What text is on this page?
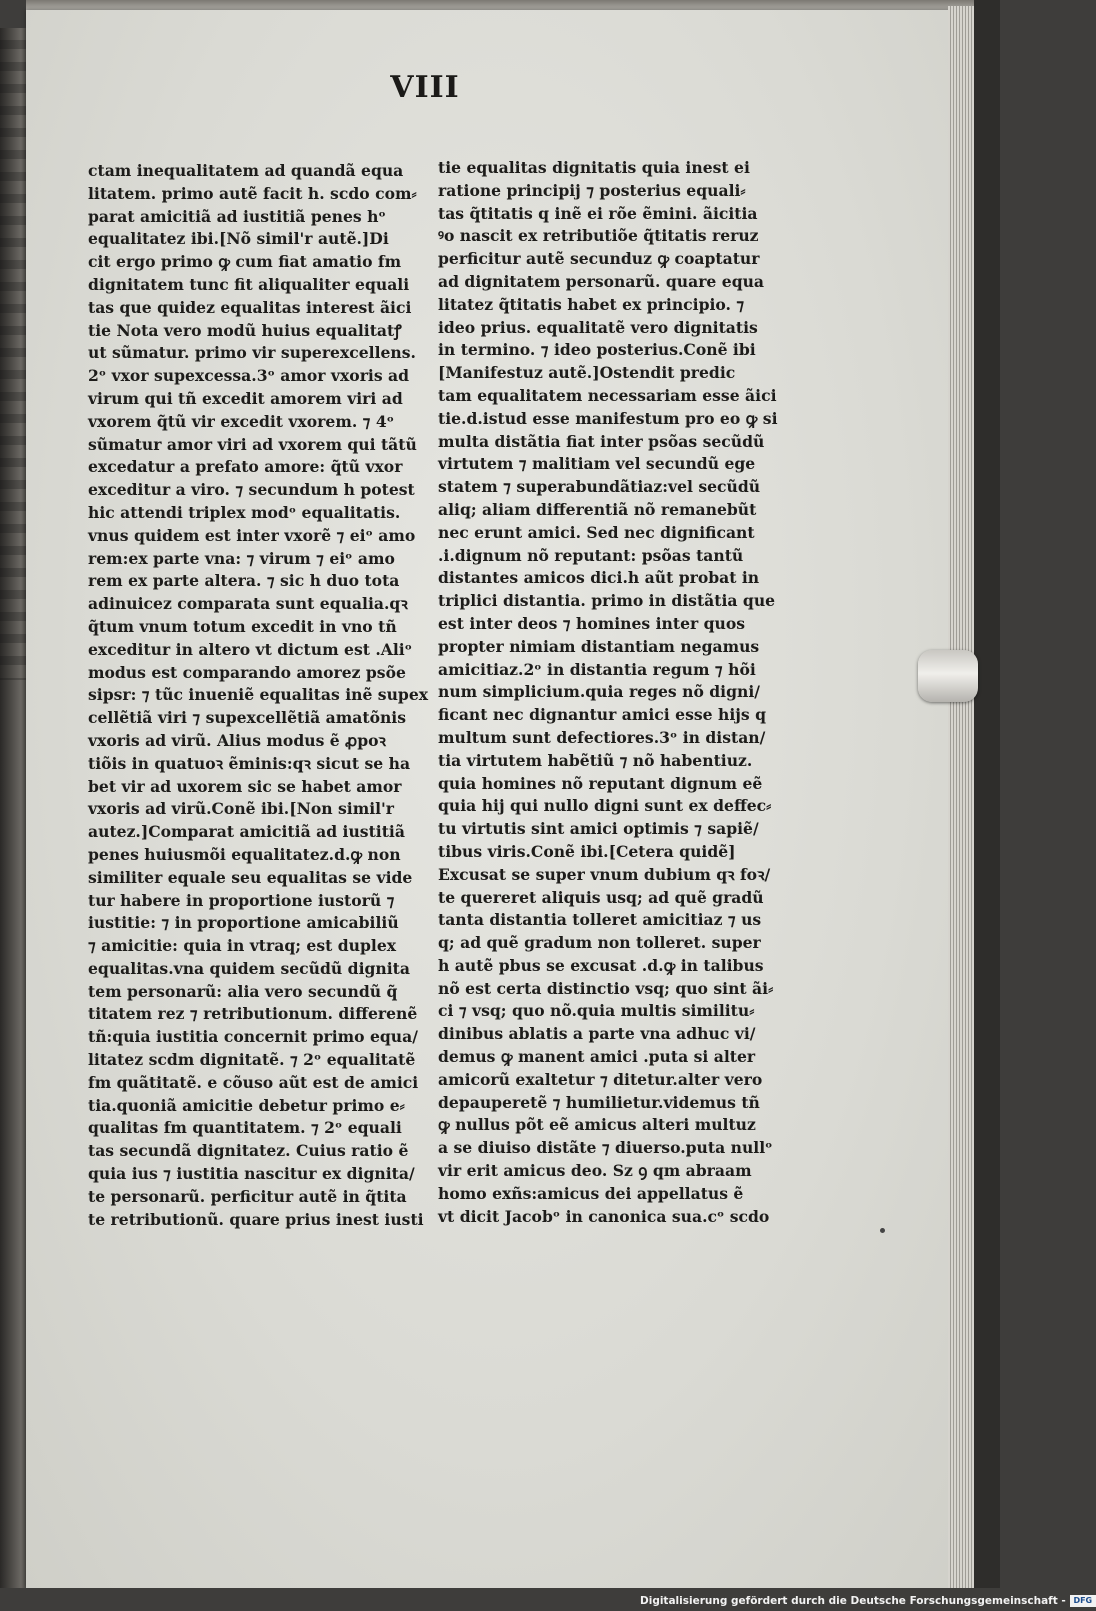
VIII
ctam inequalitatem ad quandã equa
litatem. primo autẽ facit h. scdo com⸗
parat amicitiã ad iustitiã penes hᵒ
equalitatez ibi.[Nõ simil'r autẽ.]Di
cit ergo primo ꝙ cum fiat amatio fm
dignitatem tunc fit aliqualiter equali
tas que quidez equalitas interest ãici
tie Nota vero modũ huius equalitatꝭ
ut sũmatur. primo vir superexcellens.
2ᵒ vxor supexcessa.3ᵒ amor vxoris ad
virum qui tñ excedit amorem viri ad
vxorem q̃tũ vir excedit vxorem. ⁊ 4ᵒ
sũmatur amor viri ad vxorem qui tãtũ
excedatur a prefato amore: q̃tũ vxor
exceditur a viro. ⁊ secundum h potest
hic attendi triplex modᵒ equalitatis.
vnus quidem est inter vxorẽ ⁊ eiᵒ amo
rem:ex parte vna: ⁊ virum ⁊ eiᵒ amo
rem ex parte altera. ⁊ sic h duo tota
adinuicez comparata sunt equalia.qꝛ
q̃tum vnum totum excedit in vno tñ
exceditur in altero vt dictum est .Aliᵒ
modus est comparando amorez psõe
sipsr: ⁊ tũc inueniẽ equalitas inẽ supex
cellẽtiã viri ⁊ supexcellẽtiã amatõnis
vxoris ad virũ. Alius modus ẽ ꝓpoꝛ
tiõis in quatuoꝛ ẽminis:qꝛ sicut se ha
bet vir ad uxorem sic se habet amor
vxoris ad virũ.Conẽ ibi.[Non simil'r
autez.]Comparat amicitiã ad iustitiã
penes huiusmõi equalitatez.d.ꝙ non
similiter equale seu equalitas se vide
tur habere in proportione iustorũ ⁊
iustitie: ⁊ in proportione amicabiliũ
⁊ amicitie: quia in vtraq; est duplex
equalitas.vna quidem secũdũ dignita
tem personarũ: alia vero secundũ q̃
titatem rez ⁊ retributionum. differenẽ
tñ:quia iustitia concernit primo equa/
litatez scdm dignitatẽ. ⁊ 2ᵒ equalitatẽ
fm quãtitatẽ. e cõuso aũt est de amici
tia.quoniã amicitie debetur primo e⸗
qualitas fm quantitatem. ⁊ 2ᵒ equali
tas secundã dignitatez. Cuius ratio ẽ
quia ius ⁊ iustitia nascitur ex dignita/
te personarũ. perficitur autẽ in q̃tita
te retributionũ. quare prius inest iusti
tie equalitas dignitatis quia inest ei
ratione principij ⁊ posterius equali⸗
tas q̃titatis q inẽ ei rõe ẽmini. ãicitia
ꝰo nascit ex retributiõe q̃titatis reruz
perficitur autẽ secunduz ꝙ coaptatur
ad dignitatem personarũ. quare equa
litatez q̃titatis habet ex principio. ⁊
ideo prius. equalitatẽ vero dignitatis
in termino. ⁊ ideo posterius.Conẽ ibi
[Manifestuz autẽ.]Ostendit predic
tam equalitatem necessariam esse ãici
tie.d.istud esse manifestum pro eo ꝙ si
multa distãtia fiat inter psõas secũdũ
virtutem ⁊ malitiam vel secundũ ege
statem ⁊ superabundãtiaz:vel secũdũ
aliq; aliam differentiã nõ remanebũt
nec erunt amici. Sed nec dignificant
.i.dignum nõ reputant: psõas tantũ
distantes amicos dici.h aũt probat in
triplici distantia. primo in distãtia que
est inter deos ⁊ homines inter quos
propter nimiam distantiam negamus
amicitiaz.2ᵒ in distantia regum ⁊ hõi
num simplicium.quia reges nõ digni/
ficant nec dignantur amici esse hijs q
multum sunt defectiores.3ᵒ in distan/
tia virtutem habẽtiũ ⁊ nõ habentiuz.
quia homines nõ reputant dignum eẽ
quia hij qui nullo digni sunt ex deffec⸗
tu virtutis sint amici optimis ⁊ sapiẽ/
tibus viris.Conẽ ibi.[Cetera quidẽ]
Excusat se super vnum dubium qꝛ foꝛ/
te quereret aliquis usq; ad quẽ gradũ
tanta distantia tolleret amicitiaz ⁊ us
q; ad quẽ gradum non tolleret. super
h autẽ pbus se excusat .d.ꝙ in talibus
nõ est certa distinctio vsq; quo sint ãi⸗
ci ⁊ vsq; quo nõ.quia multis similitu⸗
dinibus ablatis a parte vna adhuc vi/
demus ꝙ manent amici .puta si alter
amicorũ exaltetur ⁊ ditetur.alter vero
depauperetẽ ⁊ humilietur.videmus tñ
ꝙ nullus põt eẽ amicus alteri multuz
a se diuiso distãte ⁊ diuerso.puta nullᵒ
vir erit amicus deo. Sz ꝯ qm abraam
homo exñs:amicus dei appellatus ẽ
vt dicit Jacobᵒ in canonica sua.cᵒ scdo
Digitalisierung gefördert durch die Deutsche Forschungsgemeinschaft - DFG
